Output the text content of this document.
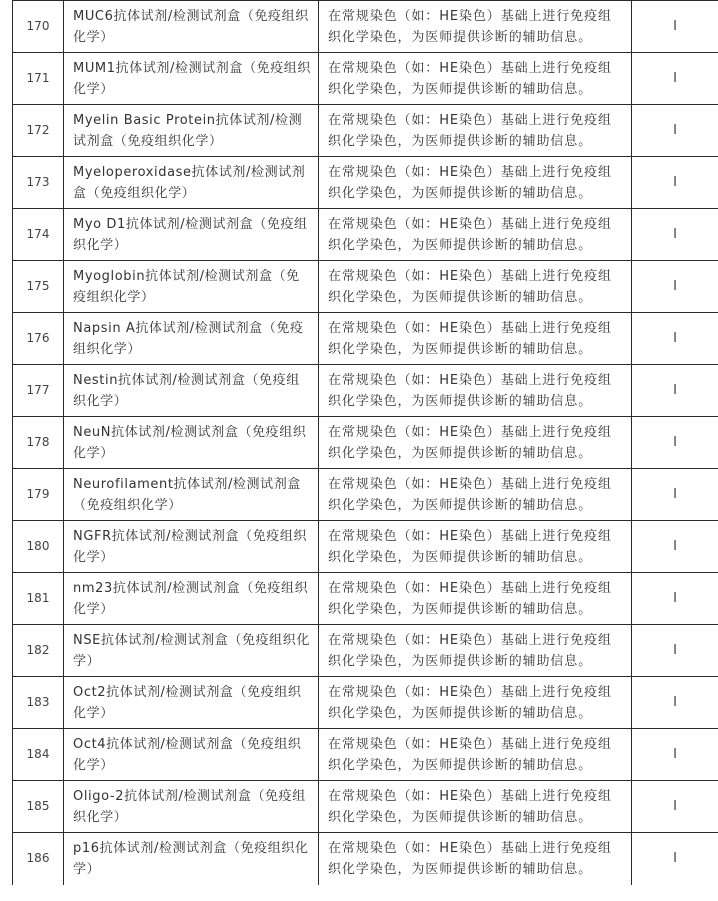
170	MUC6抗体试剂/检测试剂盒（免疫组织化学）	在常规染色（如：HE染色）基础上进行免疫组织化学染色，为医师提供诊断的辅助信息。	I
171	MUM1抗体试剂/检测试剂盒（免疫组织化学）	在常规染色（如：HE染色）基础上进行免疫组织化学染色，为医师提供诊断的辅助信息。	I
172	Myelin Basic Protein抗体试剂/检测试剂盒（免疫组织化学）	在常规染色（如：HE染色）基础上进行免疫组织化学染色，为医师提供诊断的辅助信息。	I
173	Myeloperoxidase抗体试剂/检测试剂盒（免疫组织化学）	在常规染色（如：HE染色）基础上进行免疫组织化学染色，为医师提供诊断的辅助信息。	I
174	Myo D1抗体试剂/检测试剂盒（免疫组织化学）	在常规染色（如：HE染色）基础上进行免疫组织化学染色，为医师提供诊断的辅助信息。	I
175	Myoglobin抗体试剂/检测试剂盒（免疫组织化学）	在常规染色（如：HE染色）基础上进行免疫组织化学染色，为医师提供诊断的辅助信息。	I
176	Napsin A抗体试剂/检测试剂盒（免疫组织化学）	在常规染色（如：HE染色）基础上进行免疫组织化学染色，为医师提供诊断的辅助信息。	I
177	Nestin抗体试剂/检测试剂盒（免疫组织化学）	在常规染色（如：HE染色）基础上进行免疫组织化学染色，为医师提供诊断的辅助信息。	I
178	NeuN抗体试剂/检测试剂盒（免疫组织化学）	在常规染色（如：HE染色）基础上进行免疫组织化学染色，为医师提供诊断的辅助信息。	I
179	Neurofilament抗体试剂/检测试剂盒（免疫组织化学）	在常规染色（如：HE染色）基础上进行免疫组织化学染色，为医师提供诊断的辅助信息。	I
180	NGFR抗体试剂/检测试剂盒（免疫组织化学）	在常规染色（如：HE染色）基础上进行免疫组织化学染色，为医师提供诊断的辅助信息。	I
181	nm23抗体试剂/检测试剂盒（免疫组织化学）	在常规染色（如：HE染色）基础上进行免疫组织化学染色，为医师提供诊断的辅助信息。	I
182	NSE抗体试剂/检测试剂盒（免疫组织化学）	在常规染色（如：HE染色）基础上进行免疫组织化学染色，为医师提供诊断的辅助信息。	I
183	Oct2抗体试剂/检测试剂盒（免疫组织化学）	在常规染色（如：HE染色）基础上进行免疫组织化学染色，为医师提供诊断的辅助信息。	I
184	Oct4抗体试剂/检测试剂盒（免疫组织化学）	在常规染色（如：HE染色）基础上进行免疫组织化学染色，为医师提供诊断的辅助信息。	I
185	Oligo-2抗体试剂/检测试剂盒（免疫组织化学）	在常规染色（如：HE染色）基础上进行免疫组织化学染色，为医师提供诊断的辅助信息。	I
186	p16抗体试剂/检测试剂盒（免疫组织化学）	在常规染色（如：HE染色）基础上进行免疫组织化学染色，为医师提供诊断的辅助信息。	I
